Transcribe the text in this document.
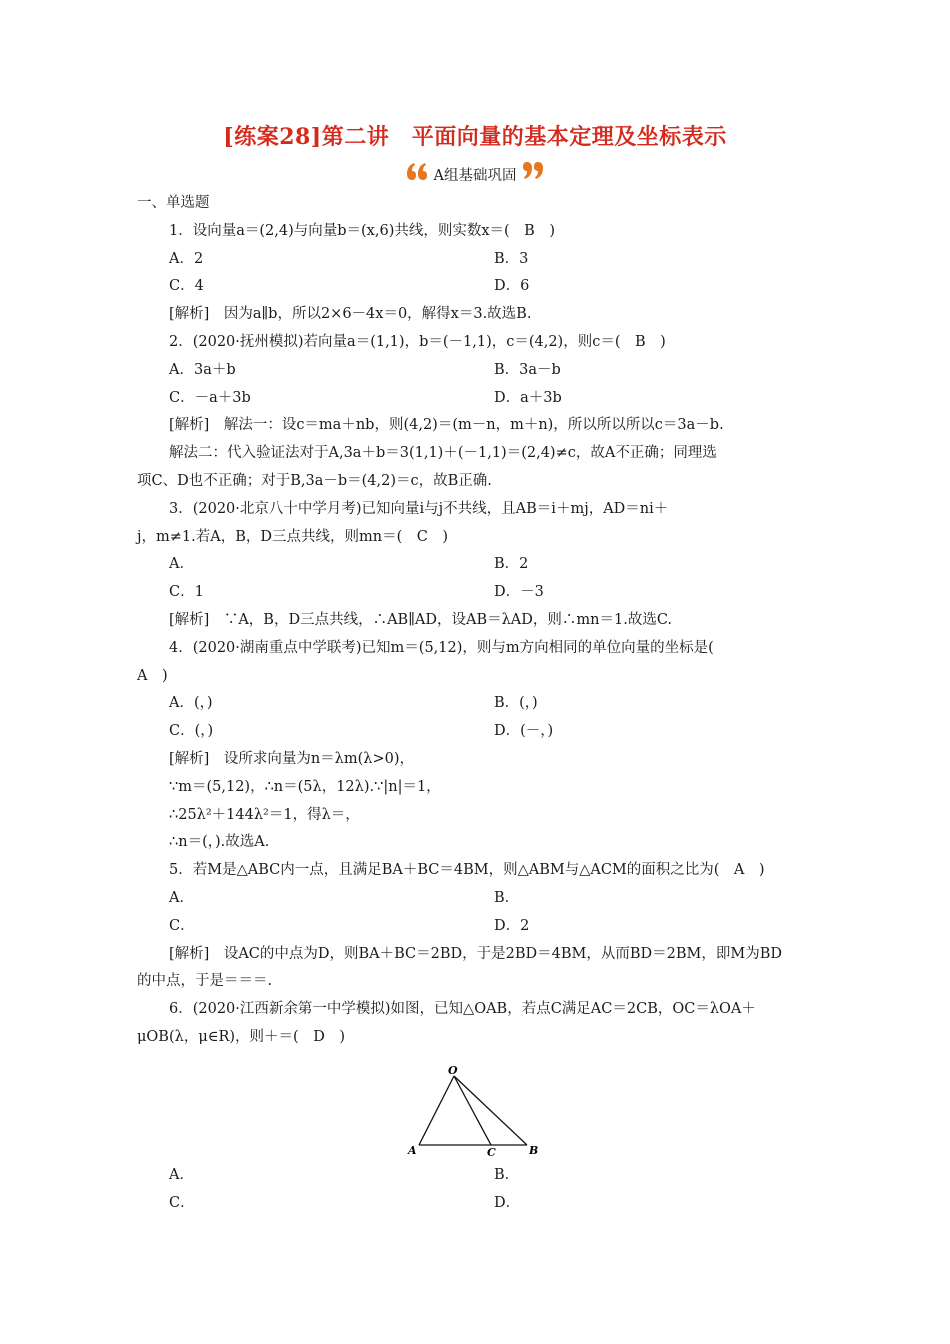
[练案28]第二讲　平面向量的基本定理及坐标表示
A组基础巩固
一、单选题
1．设向量a＝(2,4)与向量b＝(x,6)共线，则实数x＝(　B　)
A．2	B．3
C．4	D．6
[解析]　因为a∥b，所以2×6－4x＝0，解得x＝3.故选B.
2．(2020·抚州模拟)若向量a＝(1,1)，b＝(－1,1)，c＝(4,2)，则c＝(　B　)
A．3a＋b	B．3a－b
C．－a＋3b	D．a＋3b
[解析]　解法一：设c＝ma＋nb，则(4,2)＝(m－n，m＋n)，所以所以所以c＝3a－b.
解法二：代入验证法对于A,3a＋b＝3(1,1)＋(－1,1)＝(2,4)≠c，故A不正确；同理选
项C、D也不正确；对于B,3a－b＝(4,2)＝c，故B正确.
3．(2020·北京八十中学月考)已知向量i与j不共线，且AB＝i＋mj，AD＝ni＋
j，m≠1.若A，B，D三点共线，则mn＝(　C　)
A．	B．2
C．1	D．－3
[解析]　∵A，B，D三点共线，∴AB∥AD，设AB＝λAD，则∴mn＝1.故选C.
4．(2020·湖南重点中学联考)已知m＝(5,12)，则与m方向相同的单位向量的坐标是(
A　)
A．(，)	B．(，)
C．(，)	D．(－，)
[解析]　设所求向量为n＝λm(λ>0)，
∵m＝(5,12)，∴n＝(5λ，12λ).∵|n|＝1，
∴25λ²＋144λ²＝1，得λ＝，
∴n＝(，).故选A.
5．若M是△ABC内一点，且满足BA＋BC＝4BM，则△ABM与△ACM的面积之比为(　A　)
A．	B．
C．	D．2
[解析]　设AC的中点为D，则BA＋BC＝2BD，于是2BD＝4BM，从而BD＝2BM，即M为BD
的中点，于是＝＝＝.
6．(2020·江西新余第一中学模拟)如图，已知△OAB，若点C满足AC＝2CB，OC＝λOA＋
μOB(λ，μ∈R)，则＋＝(　D　)
O
A	C	B
A．	B．
C．	D．
